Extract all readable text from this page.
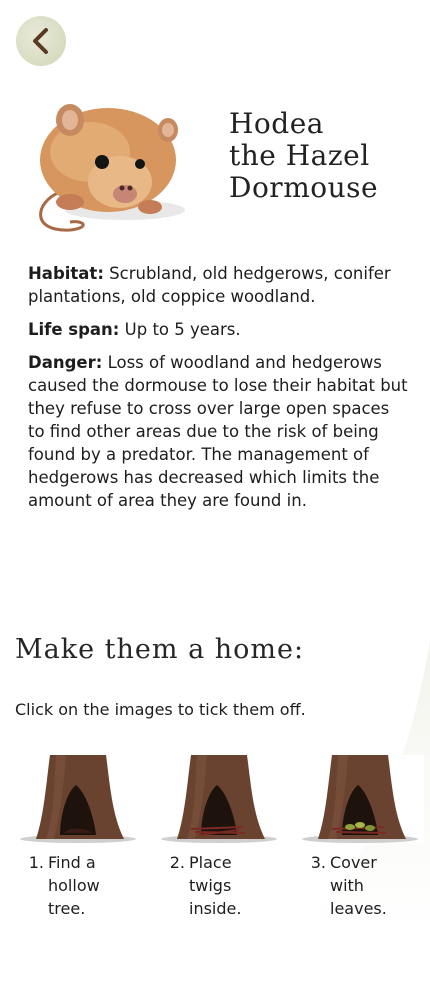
Hodea
the Hazel
Dormouse

Habitat: Scrubland, old hedgerows, conifer plantations, old coppice woodland.

Life span: Up to 5 years.

Danger: Loss of woodland and hedgerows caused the dormouse to lose their habitat but they refuse to cross over large open spaces to find other areas due to the risk of being found by a predator. The management of hedgerows has decreased which limits the amount of area they are found in.

Make them a home:
Click on the images to tick them off.
1. Find a hollow tree.
2. Place twigs inside.
3. Cover with leaves.
